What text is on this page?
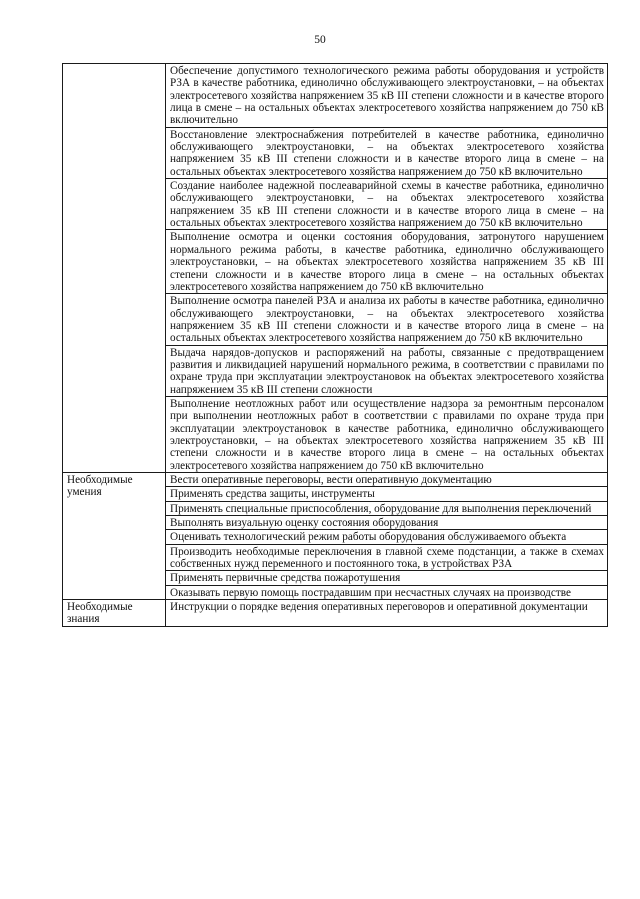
50
	Обеспечение допустимого технологического режима работы оборудования и устройств РЗА в качестве работника, единолично обслуживающего электроустановки, – на объектах электросетевого хозяйства напряжением 35 кВ III степени сложности и в качестве второго лица в смене – на остальных объектах электросетевого хозяйства напряжением до 750 кВ включительно
	Восстановление электроснабжения потребителей в качестве работника, единолично обслуживающего электроустановки, – на объектах электросетевого хозяйства напряжением 35 кВ III степени сложности и в качестве второго лица в смене – на остальных объектах электросетевого хозяйства напряжением до 750 кВ включительно
	Создание наиболее надежной послеаварийной схемы в качестве работника, единолично обслуживающего электроустановки, – на объектах электросетевого хозяйства напряжением 35 кВ III степени сложности и в качестве второго лица в смене – на остальных объектах электросетевого хозяйства напряжением до 750 кВ включительно
	Выполнение осмотра и оценки состояния оборудования, затронутого нарушением нормального режима работы, в качестве работника, единолично обслуживающего электроустановки, – на объектах электросетевого хозяйства напряжением 35 кВ III степени сложности и в качестве второго лица в смене – на остальных объектах электросетевого хозяйства напряжением до 750 кВ включительно
	Выполнение осмотра панелей РЗА и анализа их работы в качестве работника, единолично обслуживающего электроустановки, – на объектах электросетевого хозяйства напряжением 35 кВ III степени сложности и в качестве второго лица в смене – на остальных объектах электросетевого хозяйства напряжением до 750 кВ включительно
	Выдача нарядов-допусков и распоряжений на работы, связанные с предотвращением развития и ликвидацией нарушений нормального режима, в соответствии с правилами по охране труда при эксплуатации электроустановок на объектах электросетевого хозяйства напряжением 35 кВ III степени сложности
	Выполнение неотложных работ или осуществление надзора за ремонтным персоналом при выполнении неотложных работ в соответствии с правилами по охране труда при эксплуатации электроустановок в качестве работника, единолично обслуживающего электроустановки, – на объектах электросетевого хозяйства напряжением 35 кВ III степени сложности и в качестве второго лица в смене – на остальных объектах электросетевого хозяйства напряжением до 750 кВ включительно
Необходимые умения	Вести оперативные переговоры, вести оперативную документацию
	Применять средства защиты, инструменты
	Применять специальные приспособления, оборудование для выполнения переключений
	Выполнять визуальную оценку состояния оборудования
	Оценивать технологический режим работы оборудования обслуживаемого объекта
	Производить необходимые переключения в главной схеме подстанции, а также в схемах собственных нужд переменного и постоянного тока, в устройствах РЗА
	Применять первичные средства пожаротушения
	Оказывать первую помощь пострадавшим при несчастных случаях на производстве
Необходимые знания	Инструкции о порядке ведения оперативных переговоров и оперативной документации
